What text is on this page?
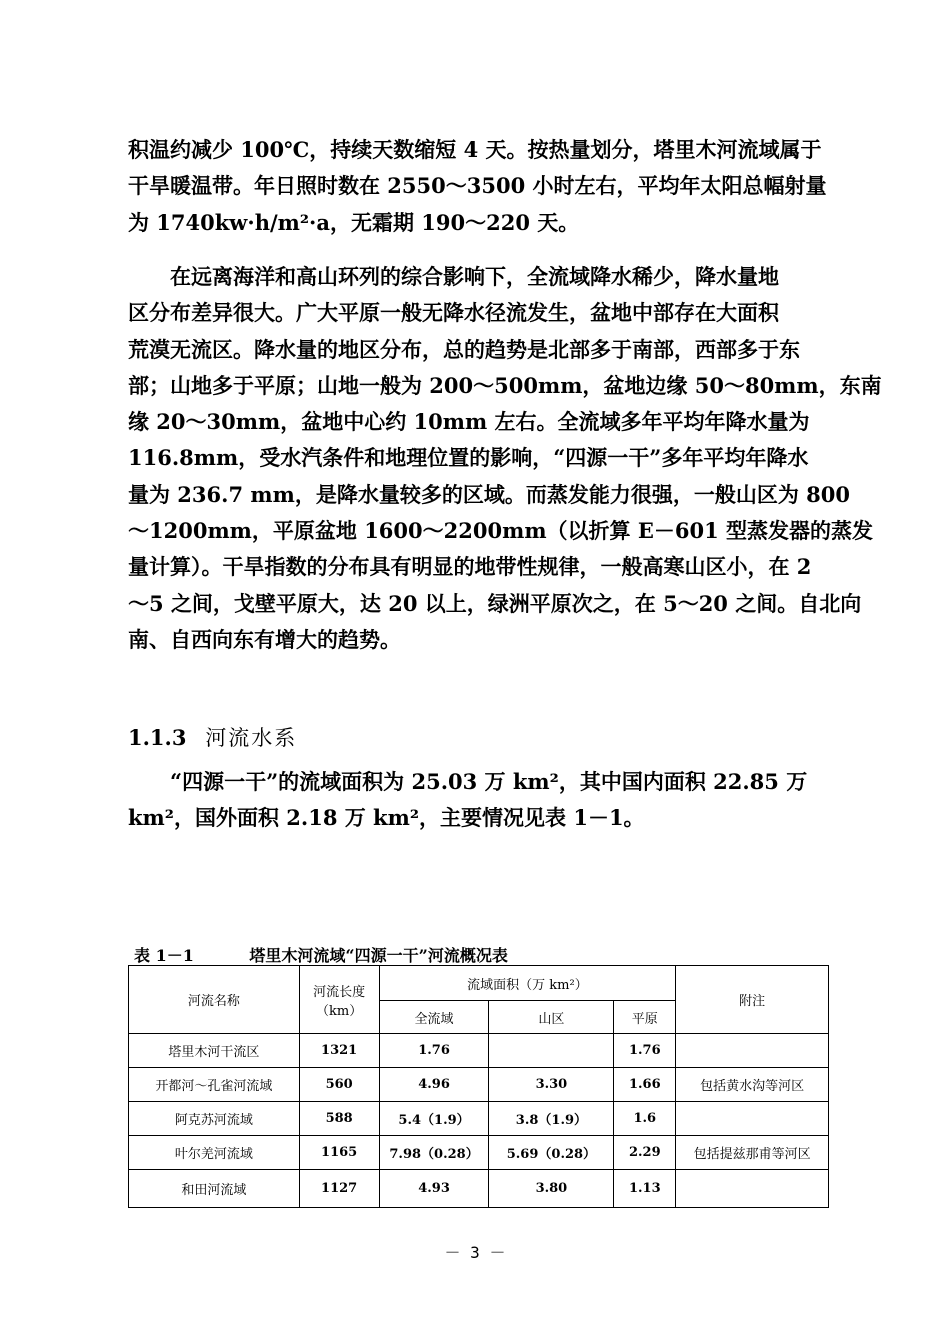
积温约减少 100℃，持续天数缩短 4 天。按热量划分，塔里木河流域属于
干旱暖温带。年日照时数在 2550～3500 小时左右，平均年太阳总幅射量
为 1740kw·h/m²·a，无霜期 190～220 天。
　　在远离海洋和高山环列的综合影响下，全流域降水稀少，降水量地
区分布差异很大。广大平原一般无降水径流发生，盆地中部存在大面积
荒漠无流区。降水量的地区分布，总的趋势是北部多于南部，西部多于东
部；山地多于平原；山地一般为 200～500mm，盆地边缘 50～80mm，东南
缘 20～30mm，盆地中心约 10mm 左右。全流域多年平均年降水量为
116.8mm，受水汽条件和地理位置的影响，“四源一干”多年平均年降水
量为 236.7 mm，是降水量较多的区域。而蒸发能力很强，一般山区为 800
～1200mm，平原盆地 1600～2200mm（以折算 E－601 型蒸发器的蒸发
量计算）。干旱指数的分布具有明显的地带性规律，一般高寒山区小，在 2
～5 之间，戈壁平原大，达 20 以上，绿洲平原次之，在 5～20 之间。自北向
南、自西向东有增大的趋势。
1.1.3 河流水系
　　“四源一干”的流域面积为 25.03 万 km²，其中国内面积 22.85 万
km²，国外面积 2.18 万 km²，主要情况见表 1－1。
表 1－1	塔里木河流域“四源一干”河流概况表
河流名称	河流长度（km）	流域面积（万 km²）			附注
		全流域	山区	平原	
塔里木河干流区	1321	1.76		1.76	
开都河～孔雀河流域	560	4.96	3.30	1.66	包括黄水沟等河区
阿克苏河流域	588	5.4（1.9）	3.8（1.9）	1.6	
叶尔羌河流域	1165	7.98（0.28）	5.69（0.28）	2.29	包括提兹那甫等河区
和田河流域	1127	4.93	3.80	1.13	
－ 3 －
